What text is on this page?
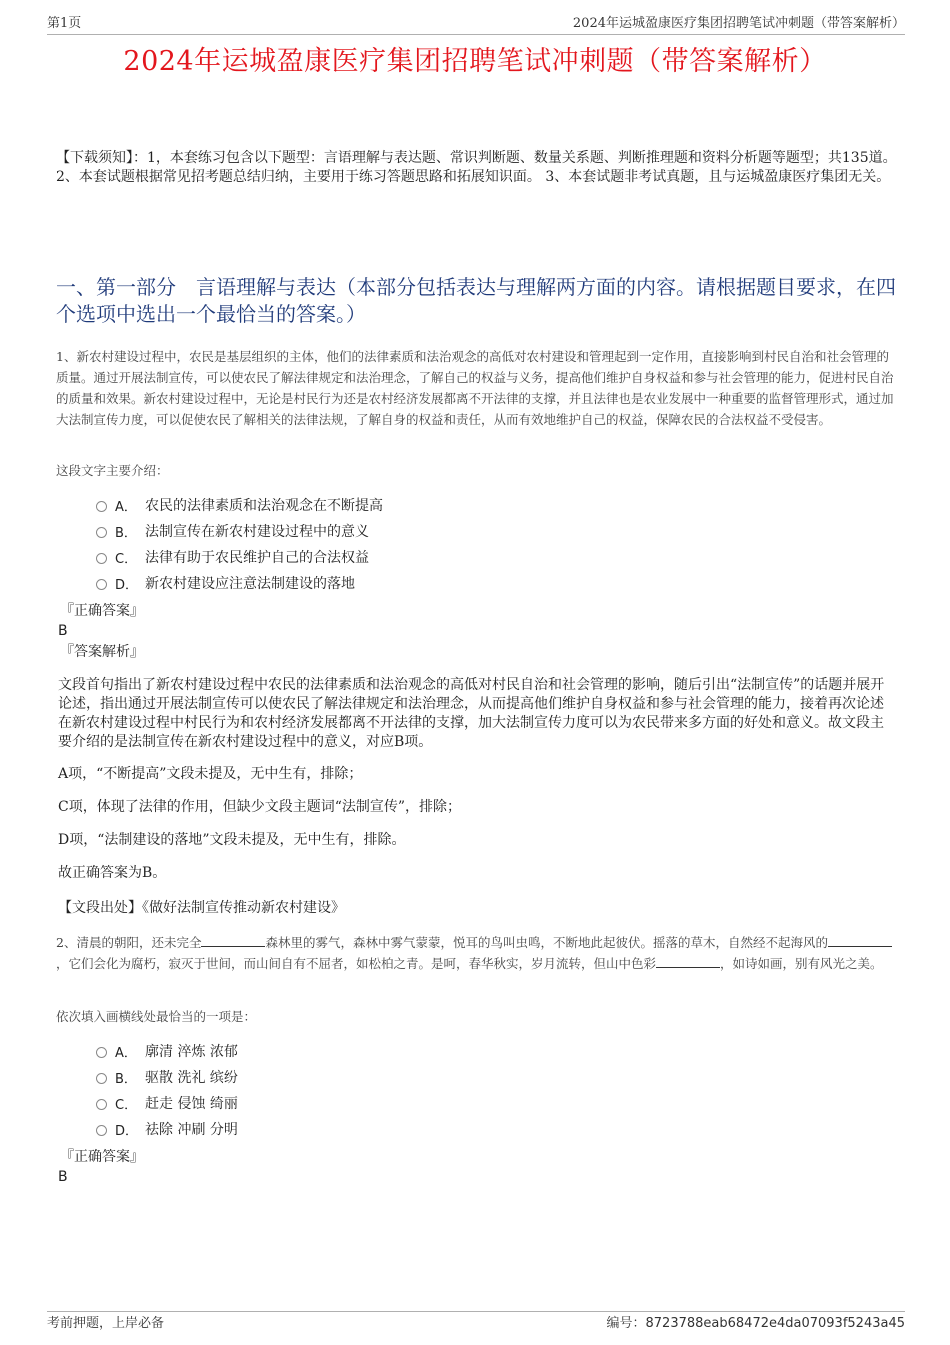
第1页	2024年运城盈康医疗集团招聘笔试冲刺题（带答案解析）
2024年运城盈康医疗集团招聘笔试冲刺题（带答案解析）
【下载须知】：1，本套练习包含以下题型：言语理解与表达题、常识判断题、数量关系题、判断推理题和资料分析题等题型；共135道。 2、本套试题根据常见招考题总结归纳，主要用于练习答题思路和拓展知识面。 3、本套试题非考试真题，且与运城盈康医疗集团无关。
一、第一部分　言语理解与表达（本部分包括表达与理解两方面的内容。请根据题目要求，在四个选项中选出一个最恰当的答案。）
1、新农村建设过程中，农民是基层组织的主体，他们的法律素质和法治观念的高低对农村建设和管理起到一定作用，直接影响到村民自治和社会管理的质量。通过开展法制宣传，可以使农民了解法律规定和法治理念，了解自己的权益与义务，提高他们维护自身权益和参与社会管理的能力，促进村民自治的质量和效果。新农村建设过程中，无论是村民行为还是农村经济发展都离不开法律的支撑，并且法律也是农业发展中一种重要的监督管理形式，通过加大法制宣传力度，可以促使农民了解相关的法律法规，了解自身的权益和责任，从而有效地维护自己的权益，保障农民的合法权益不受侵害。
这段文字主要介绍：
A． 农民的法律素质和法治观念在不断提高
B． 法制宣传在新农村建设过程中的意义
C． 法律有助于农民维护自己的合法权益
D． 新农村建设应注意法制建设的落地
『正确答案』
B
『答案解析』
文段首句指出了新农村建设过程中农民的法律素质和法治观念的高低对村民自治和社会管理的影响，随后引出“法制宣传”的话题并展开论述，指出通过开展法制宣传可以使农民了解法律规定和法治理念，从而提高他们维护自身权益和参与社会管理的能力，接着再次论述在新农村建设过程中村民行为和农村经济发展都离不开法律的支撑，加大法制宣传力度可以为农民带来多方面的好处和意义。故文段主要介绍的是法制宣传在新农村建设过程中的意义，对应B项。
A项，“不断提高”文段未提及，无中生有，排除；
C项，体现了法律的作用，但缺少文段主题词“法制宣传”，排除；
D项，“法制建设的落地”文段未提及，无中生有，排除。
故正确答案为B。
【文段出处】《做好法制宣传推动新农村建设》
2、清晨的朝阳，还未完全	森林里的雾气，森林中雾气蒙蒙，悦耳的鸟叫虫鸣，不断地此起彼伏。摇落的草木，自然经不起海风的，它们会化为腐朽，寂灭于世间，而山间自有不屈者，如松柏之青。是呵，春华秋实，岁月流转，但山中色彩	，如诗如画，别有风光之美。
依次填入画横线处最恰当的一项是：
A． 廓清 淬炼 浓郁
B． 驱散 洗礼 缤纷
C． 赶走 侵蚀 绮丽
D． 祛除 冲刷 分明
『正确答案』
B
考前押题，上岸必备	编号：8723788eab68472e4da07093f5243a45
